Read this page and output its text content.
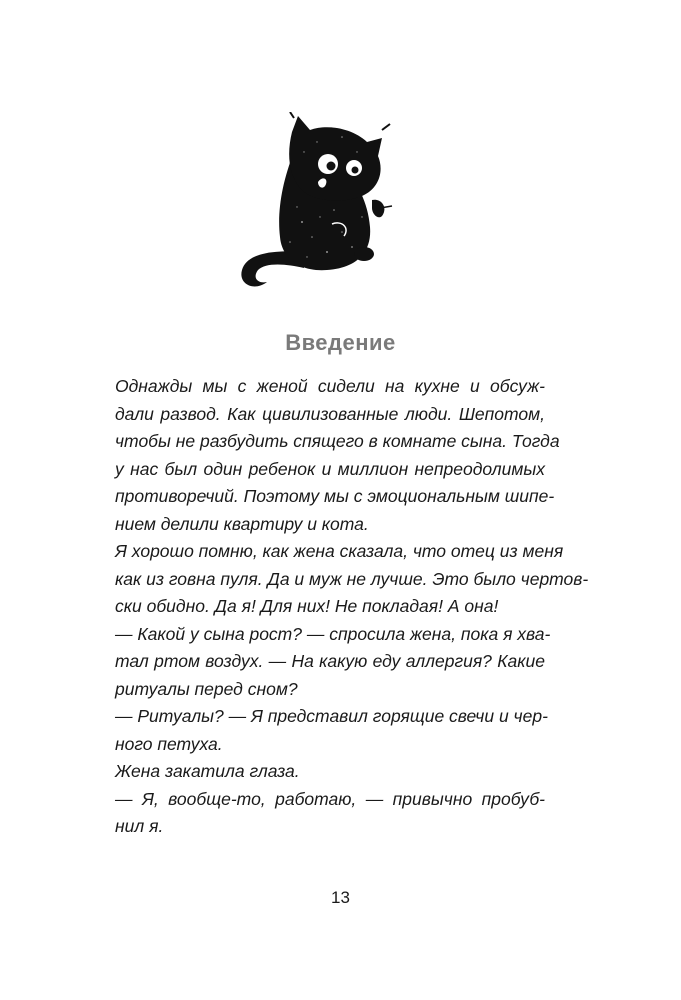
Введение
Однажды мы с женой сидели на кухне и обсуж-
дали развод. Как цивилизованные люди. Шепотом,
чтобы не разбудить спящего в комнате сына. Тогда
у нас был один ребенок и миллион непреодолимых
противоречий. Поэтому мы с эмоциональным шипе-
нием делили квартиру и кота.
Я хорошо помню, как жена сказала, что отец из меня
как из говна пуля. Да и муж не лучше. Это было чертов-
ски обидно. Да я! Для них! Не покладая! А она!
— Какой у сына рост? — спросила жена, пока я хва-
тал ртом воздух. — На какую еду аллергия? Какие
ритуалы перед сном?
— Ритуалы? — Я представил горящие свечи и чер-
ного петуха.
Жена закатила глаза.
— Я, вообще-то, работаю, — привычно пробуб-
нил я.
13
